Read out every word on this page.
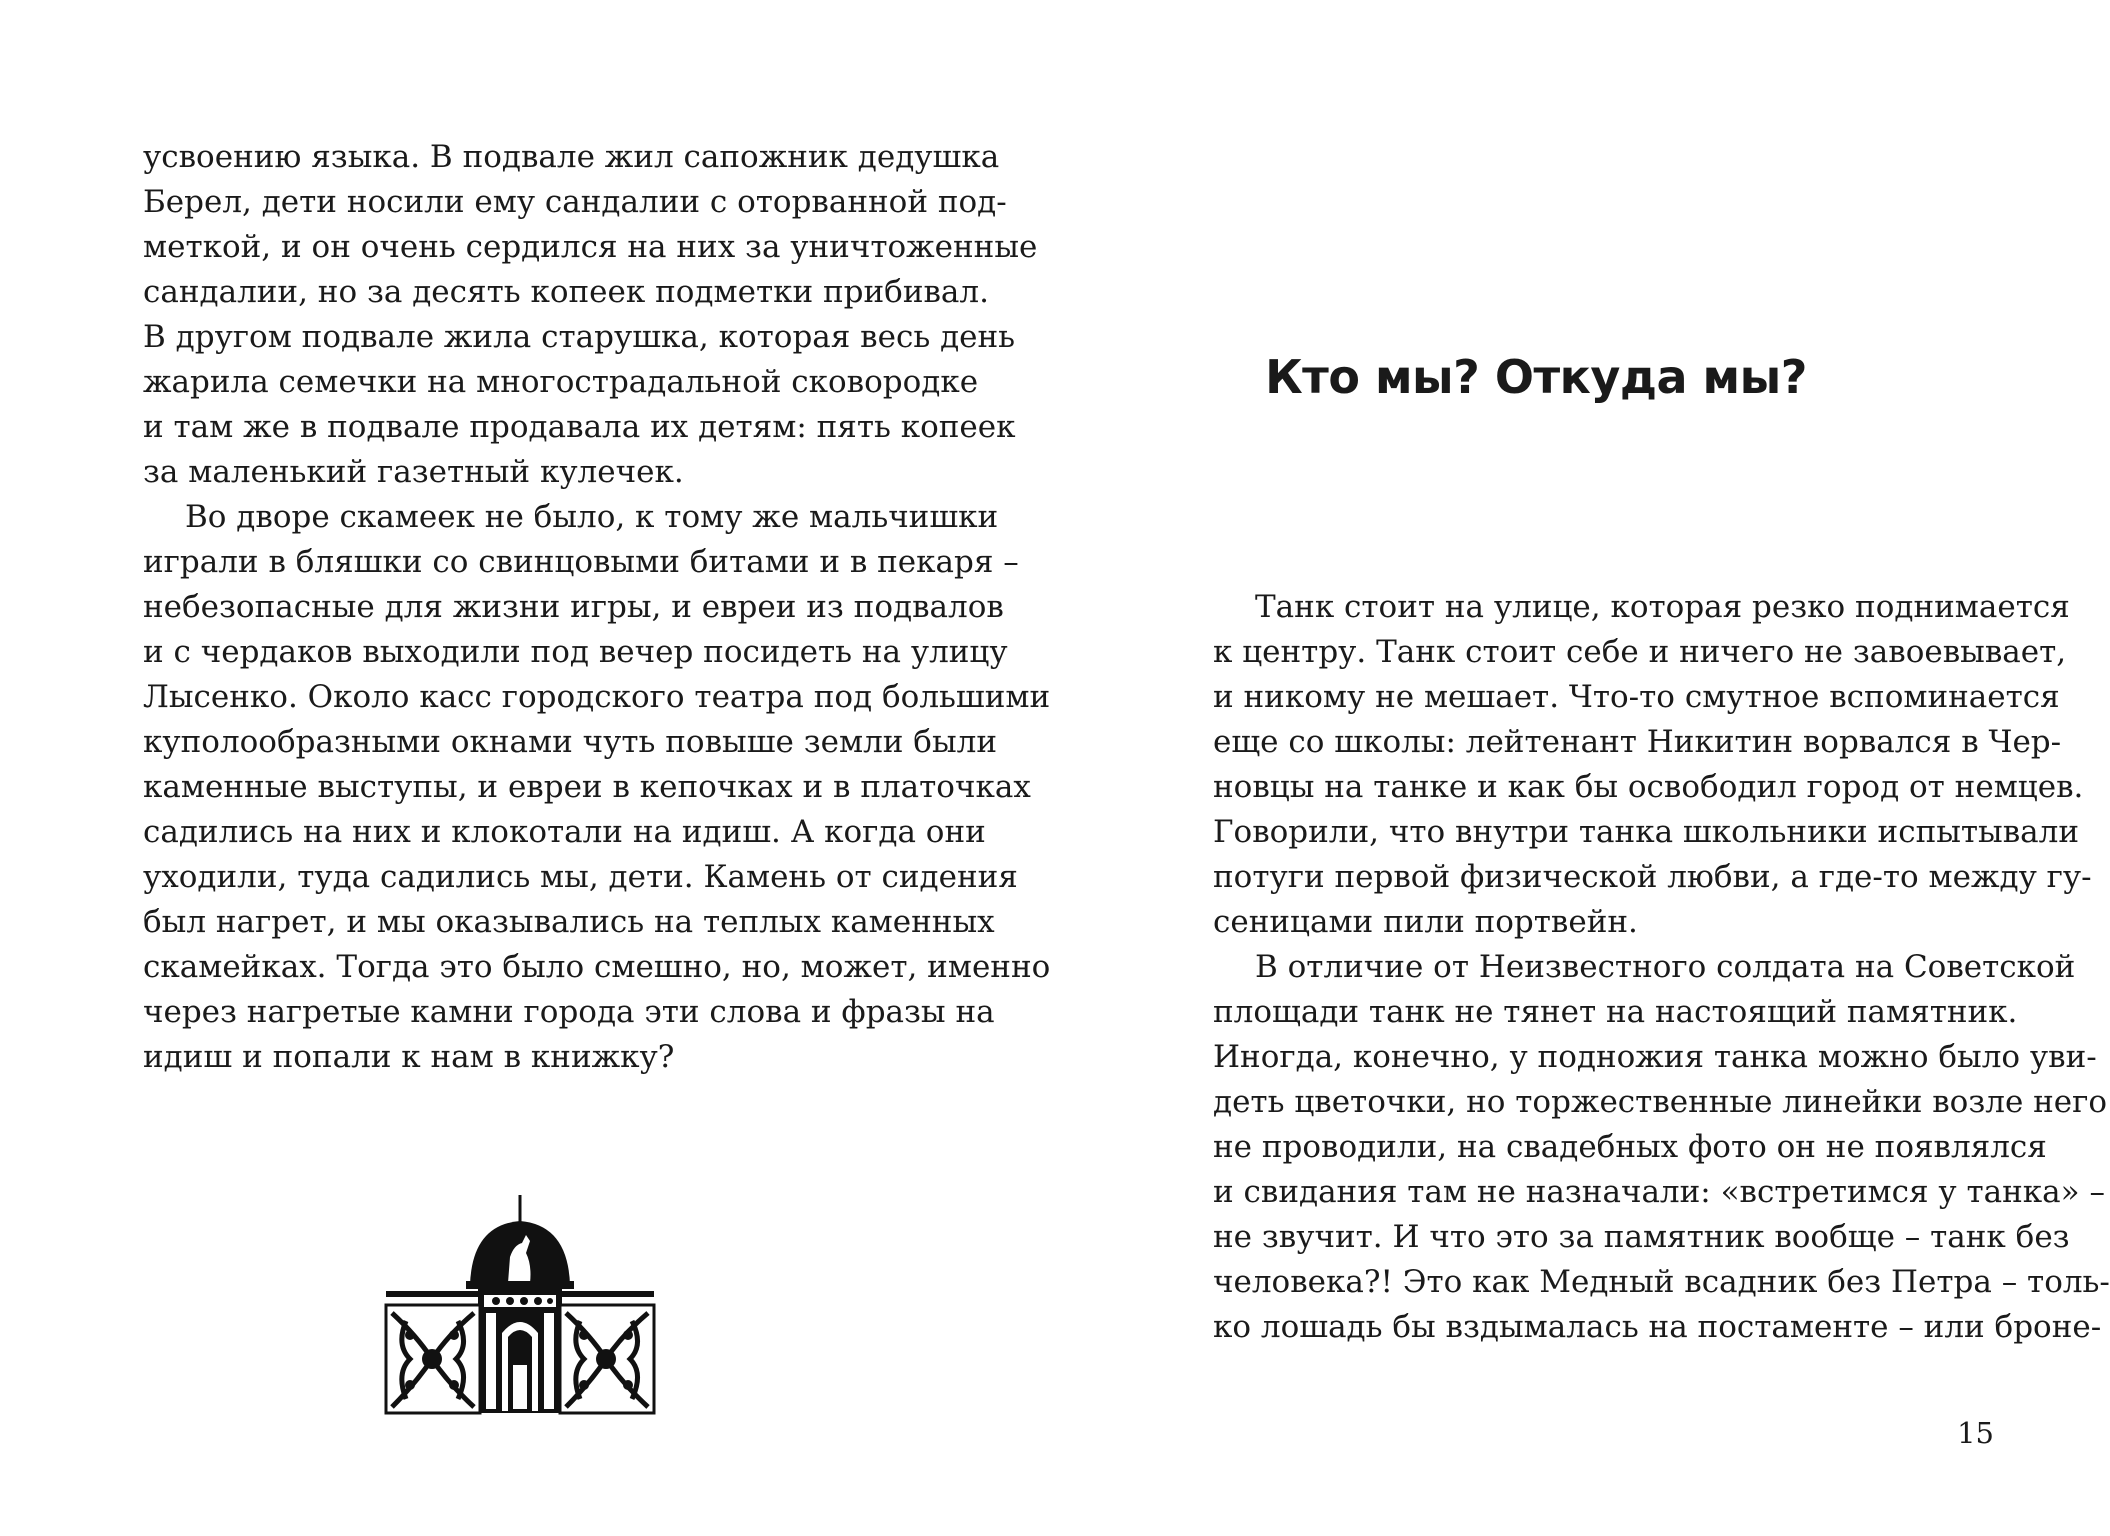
усвоению языка. В подвале жил сапожник дедушка
Берел, дети носили ему сандалии с оторванной под-
меткой, и он очень сердился на них за уничтоженные
сандалии, но за десять копеек подметки прибивал.
В другом подвале жила старушка, которая весь день
жарила семечки на многострадальной сковородке
и там же в подвале продавала их детям: пять копеек
за маленький газетный кулечек.
Во дворе скамеек не было, к тому же мальчишки
играли в бляшки со свинцовыми битами и в пекаря –
небезопасные для жизни игры, и евреи из подвалов
и с чердаков выходили под вечер посидеть на улицу
Лысенко. Около касс городского театра под большими
куполообразными окнами чуть повыше земли были
каменные выступы, и евреи в кепочках и в платочках
садились на них и клокотали на идиш. А когда они
уходили, туда садились мы, дети. Камень от сидения
был нагрет, и мы оказывались на теплых каменных
скамейках. Тогда это было смешно, но, может, именно
через нагретые камни города эти слова и фразы на
идиш и попали к нам в книжку?
Кто мы? Откуда мы?
Танк стоит на улице, которая резко поднимается
к центру. Танк стоит себе и ничего не завоевывает,
и никому не мешает. Что-то смутное вспоминается
еще со школы: лейтенант Никитин ворвался в Чер-
новцы на танке и как бы освободил город от немцев.
Говорили, что внутри танка школьники испытывали
потуги первой физической любви, а где-то между гу-
сеницами пили портвейн.
В отличие от Неизвестного солдата на Советской
площади танк не тянет на настоящий памятник.
Иногда, конечно, у подножия танка можно было уви-
деть цветочки, но торжественные линейки возле него
не проводили, на свадебных фото он не появлялся
и свидания там не назначали: «встретимся у танка» –
не звучит. И что это за памятник вообще – танк без
человека?! Это как Медный всадник без Петра – толь-
ко лошадь бы вздымалась на постаменте – или броне-
15
